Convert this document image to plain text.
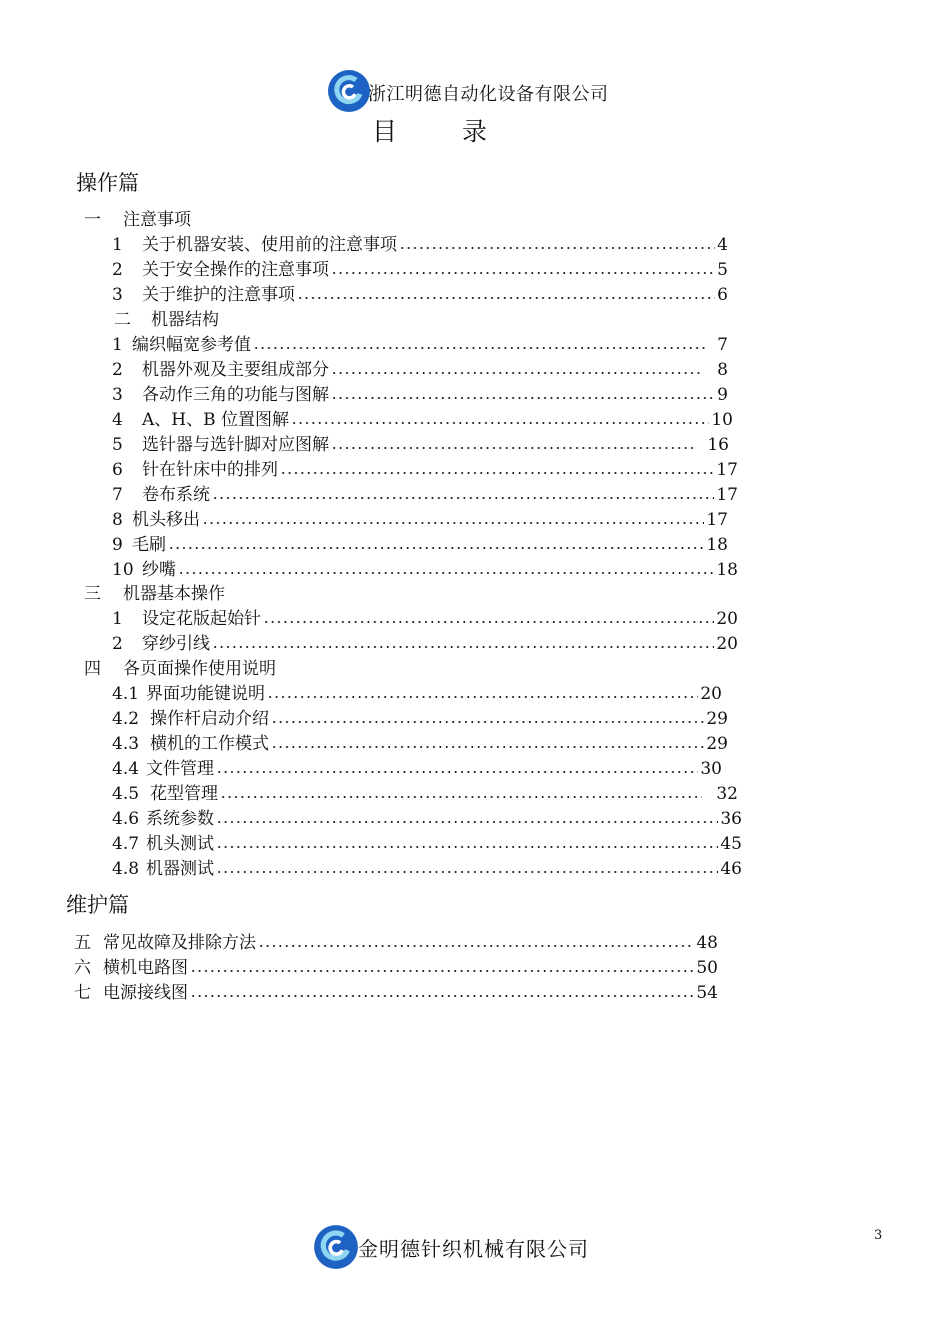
浙江明德自动化设备有限公司
目录
操作篇
一 注意事项
1	关于机器安装、使用前的注意事项	4
2	关于安全操作的注意事项	5
3	关于维护的注意事项	6
二 机器结构
1 编织幅宽参考值	7
2	机器外观及主要组成部分	8
3	各动作三角的功能与图解	9
4	A、H、B 位置图解	10
5	选针器与选针脚对应图解	16
6	针在针床中的排列	17
7	卷布系统	17
8 机头移出	17
9 毛刷	18
10 纱嘴	18
三 机器基本操作
1	设定花版起始针	20
2	穿纱引线	20
四 各页面操作使用说明
4.1 界面功能键说明	20
4.2 操作杆启动介绍	29
4.3 横机的工作模式	29
4.4 文件管理	30
4.5 花型管理	32
4.6 系统参数	36
4.7 机头测试	45
4.8 机器测试	46
维护篇
五 常见故障及排除方法	48
六 横机电路图	50
七 电源接线图	54
金明德针织机械有限公司
3
